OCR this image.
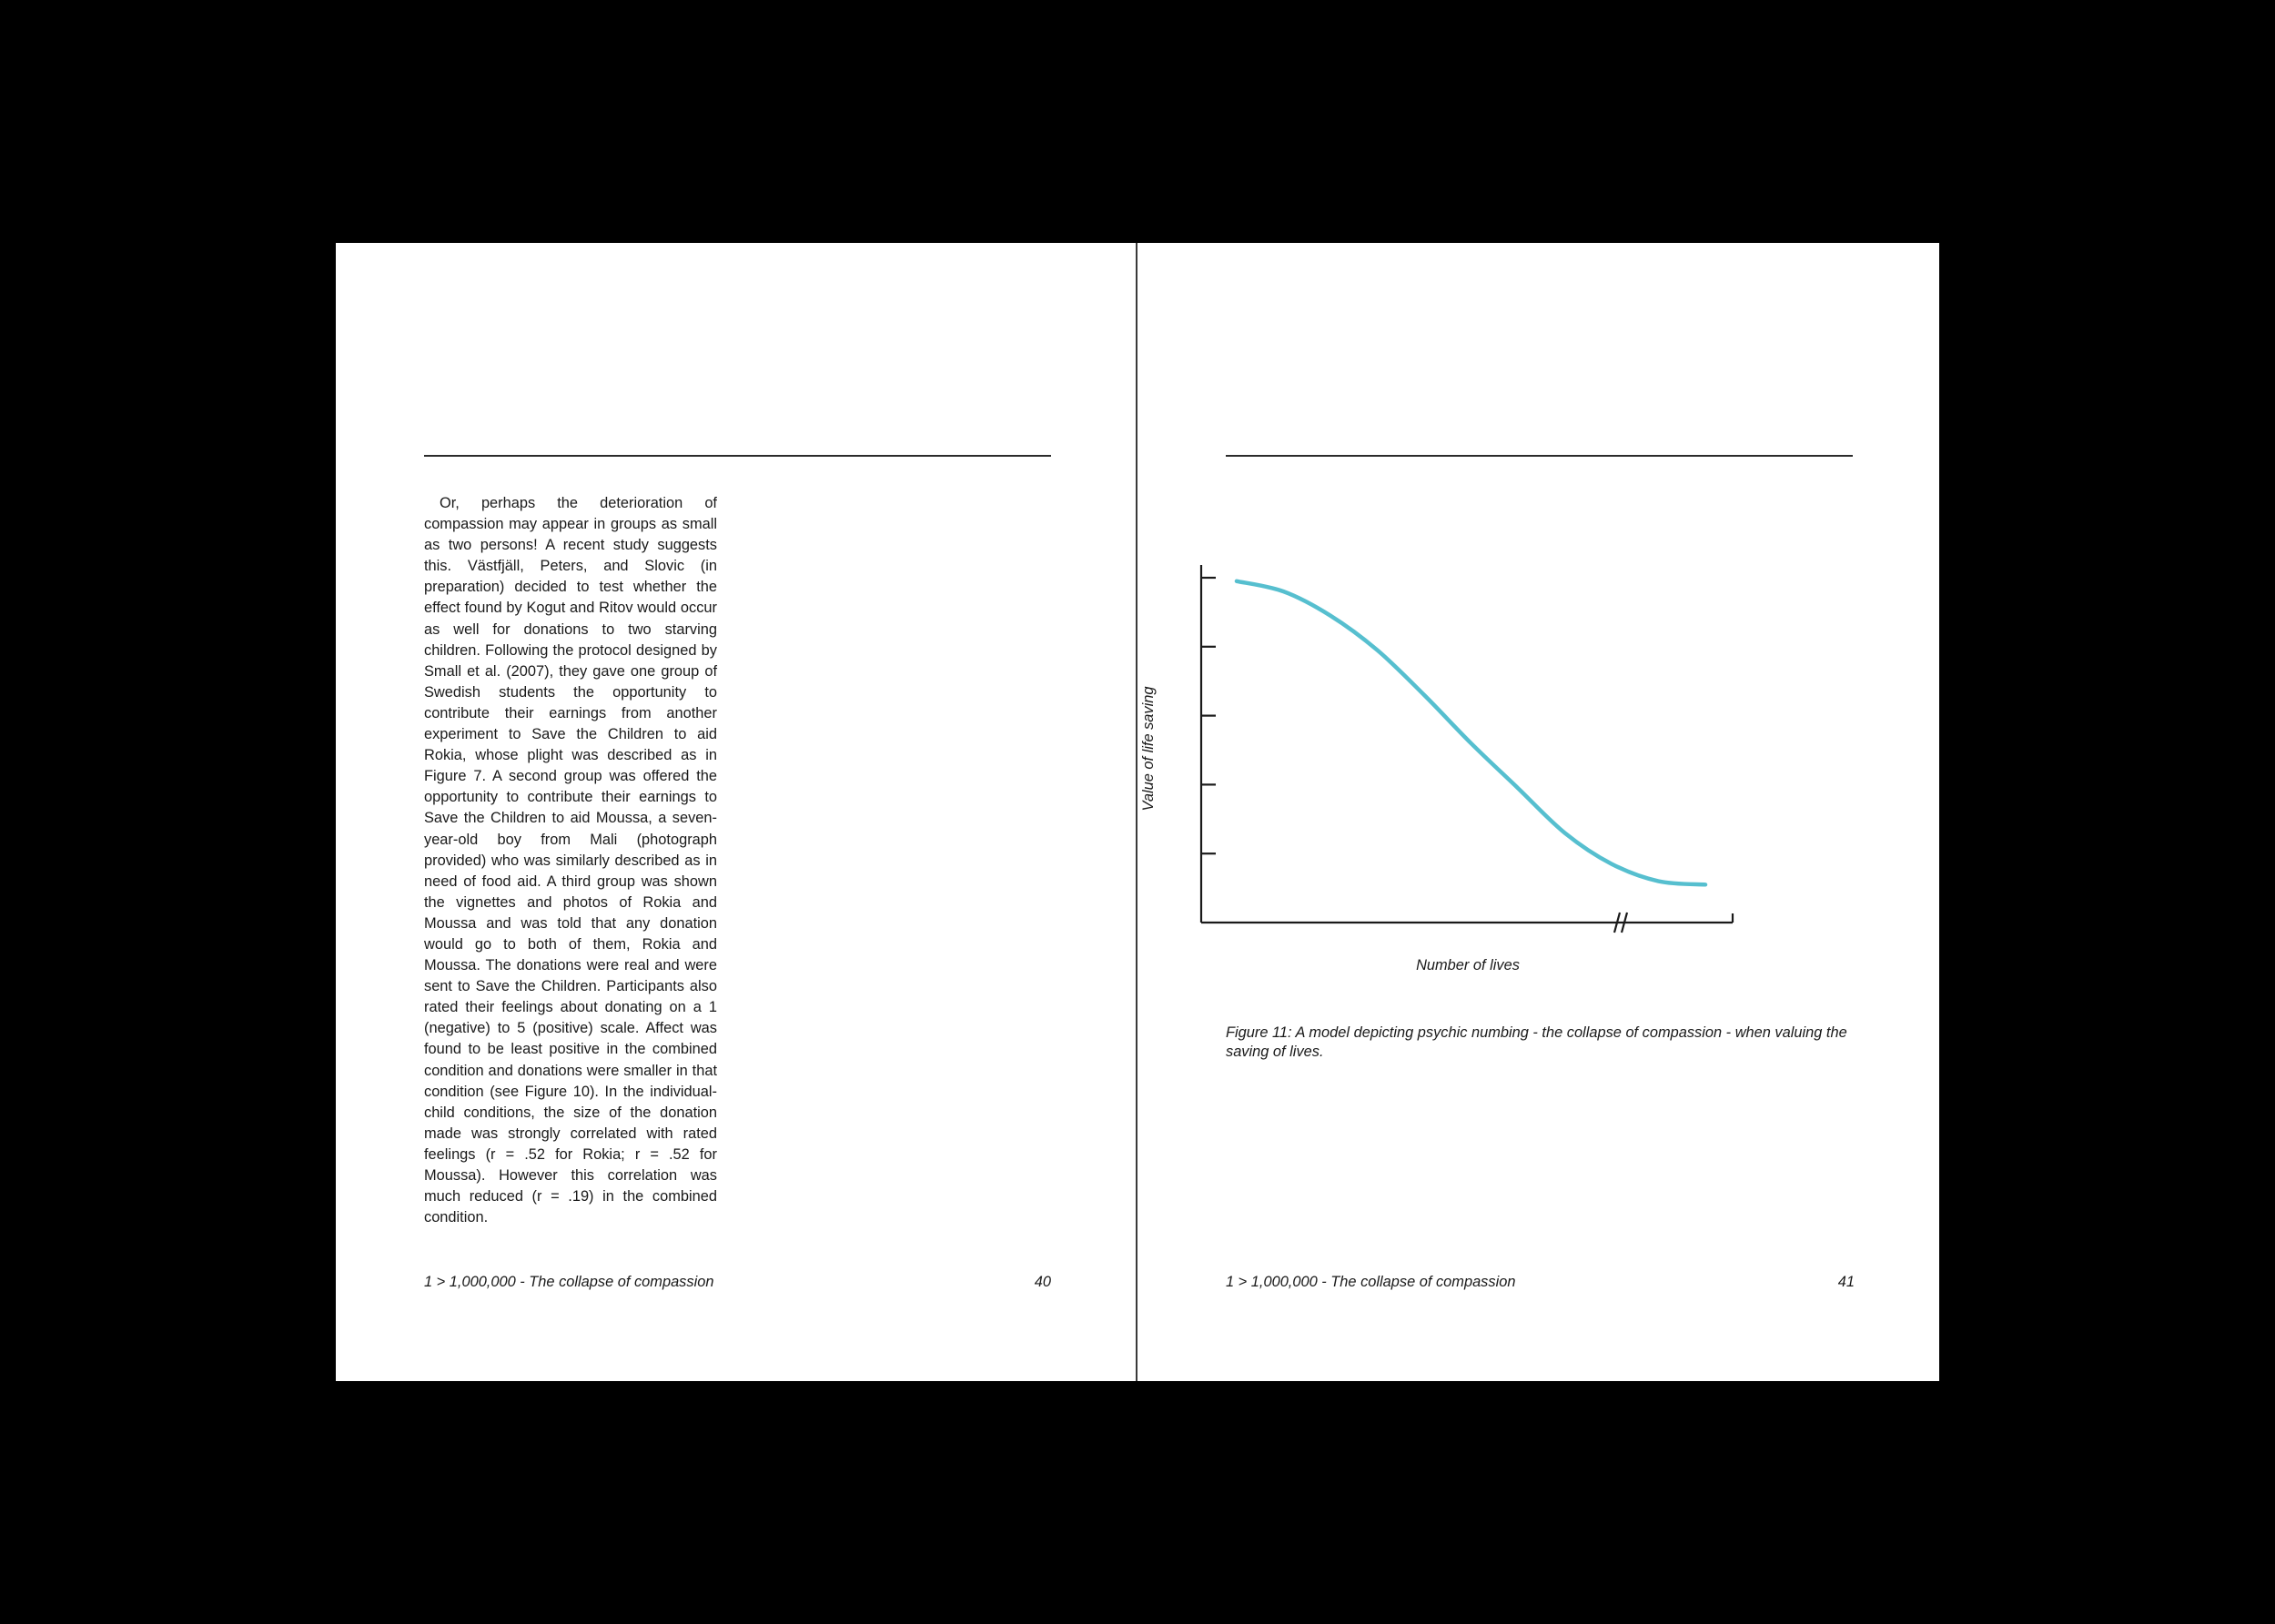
Or, perhaps the deterioration of compassion may appear in groups as small as two persons! A recent study suggests this. Västfjäll, Peters, and Slovic (in preparation) decided to test whether the effect found by Kogut and Ritov would occur as well for donations to two starving children. Following the protocol designed by Small et al. (2007), they gave one group of Swedish students the opportunity to contribute their earnings from another experiment to Save the Children to aid Rokia, whose plight was described as in Figure 7. A second group was offered the opportunity to contribute their earnings to Save the Children to aid Moussa, a sevenyear-old boy from Mali (photograph provided) who was similarly described as in need of food aid. A third group was shown the vignettes and photos of Rokia and Moussa and was told that any donation would go to both of them, Rokia and Moussa. The donations were real and were sent to Save the Children. Participants also rated their feelings about donating on a 1 (negative) to 5 (positive) scale. Affect was found to be least positive in the combined condition and donations were smaller in that condition (see Figure 10). In the individual-child conditions, the size of the donation made was strongly correlated with rated feelings (r = .52 for Rokia; r = .52 for Moussa). However this correlation was much reduced (r = .19) in the combined condition.

1 > 1,000,000 - The collapse of compassion	40
Number of lives
Value of life saving

Figure 11: A model depicting psychic numbing - the collapse of compassion - when valuing the saving of lives.

1 > 1,000,000 - The collapse of compassion	41
